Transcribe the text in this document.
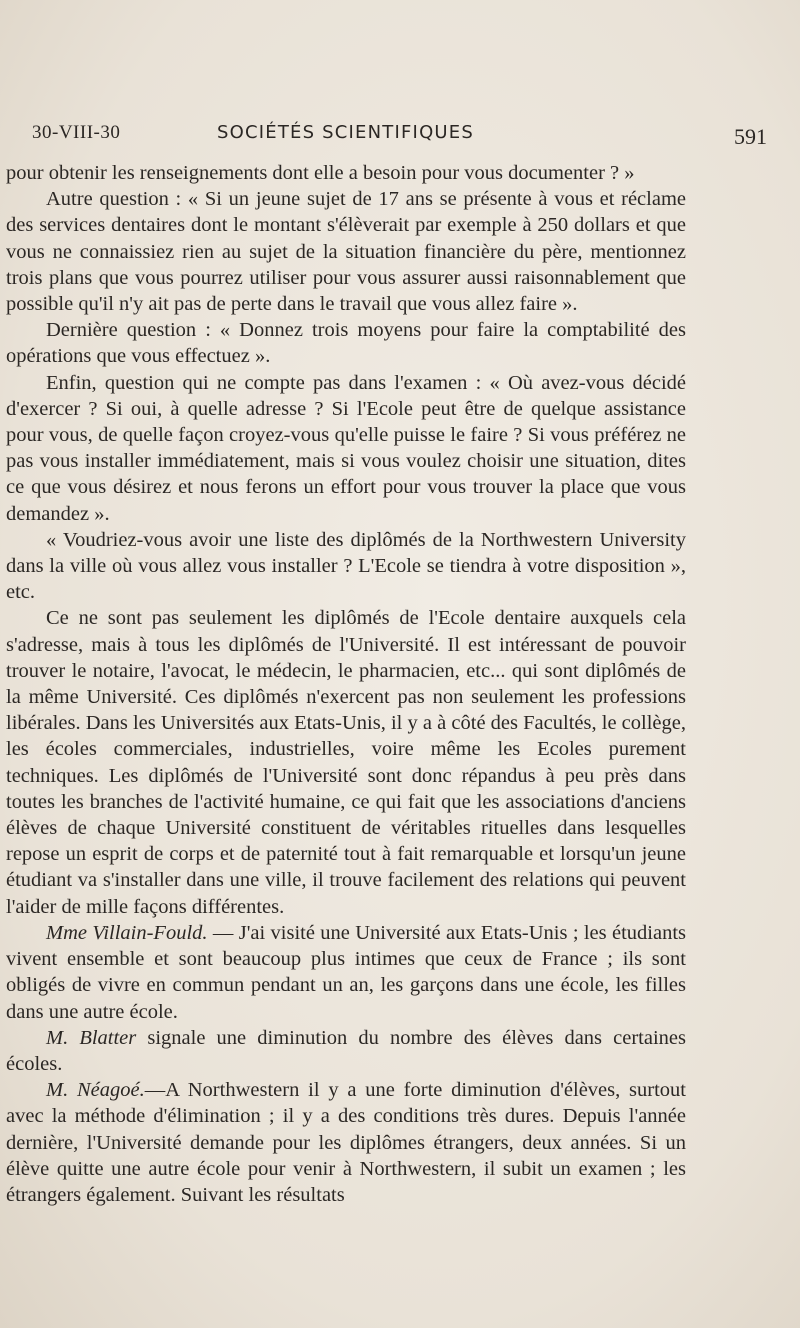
30-VIII-30	SOCIÉTÉS SCIENTIFIQUES	591

pour obtenir les renseignements dont elle a besoin pour vous documenter ? »

Autre question : « Si un jeune sujet de 17 ans se présente à vous et réclame des services dentaires dont le montant s'élèverait par exemple à 250 dollars et que vous ne connaissiez rien au sujet de la situation financière du père, mentionnez trois plans que vous pourrez utiliser pour vous assurer aussi raisonnablement que possible qu'il n'y ait pas de perte dans le travail que vous allez faire ».

Dernière question : « Donnez trois moyens pour faire la comptabilité des opérations que vous effectuez ».

Enfin, question qui ne compte pas dans l'examen : « Où avez-vous décidé d'exercer ? Si oui, à quelle adresse ? Si l'Ecole peut être de quelque assistance pour vous, de quelle façon croyez-vous qu'elle puisse le faire ? Si vous préférez ne pas vous installer immédiatement, mais si vous voulez choisir une situation, dites ce que vous désirez et nous ferons un effort pour vous trouver la place que vous demandez ».

« Voudriez-vous avoir une liste des diplômés de la Northwestern University dans la ville où vous allez vous installer ? L'Ecole se tiendra à votre disposition », etc.

Ce ne sont pas seulement les diplômés de l'Ecole dentaire auxquels cela s'adresse, mais à tous les diplômés de l'Université. Il est intéressant de pouvoir trouver le notaire, l'avocat, le médecin, le pharmacien, etc... qui sont diplômés de la même Université. Ces diplômés n'exercent pas non seulement les professions libérales. Dans les Universités aux Etats-Unis, il y a à côté des Facultés, le collège, les écoles commerciales, industrielles, voire même les Ecoles purement techniques. Les diplômés de l'Université sont donc répandus à peu près dans toutes les branches de l'activité humaine, ce qui fait que les associations d'anciens élèves de chaque Université constituent de véritables rituelles dans lesquelles repose un esprit de corps et de paternité tout à fait remarquable et lorsqu'un jeune étudiant va s'installer dans une ville, il trouve facilement des relations qui peuvent l'aider de mille façons différentes.

Mme Villain-Fould. — J'ai visité une Université aux Etats-Unis ; les étudiants vivent ensemble et sont beaucoup plus intimes que ceux de France ; ils sont obligés de vivre en commun pendant un an, les garçons dans une école, les filles dans une autre école.

M. Blatter signale une diminution du nombre des élèves dans certaines écoles.

M. Néagoé.—A Northwestern il y a une forte diminution d'élèves, surtout avec la méthode d'élimination ; il y a des conditions très dures. Depuis l'année dernière, l'Université demande pour les diplômes étrangers, deux années. Si un élève quitte une autre école pour venir à Northwestern, il subit un examen ; les étrangers également. Suivant les résultats
